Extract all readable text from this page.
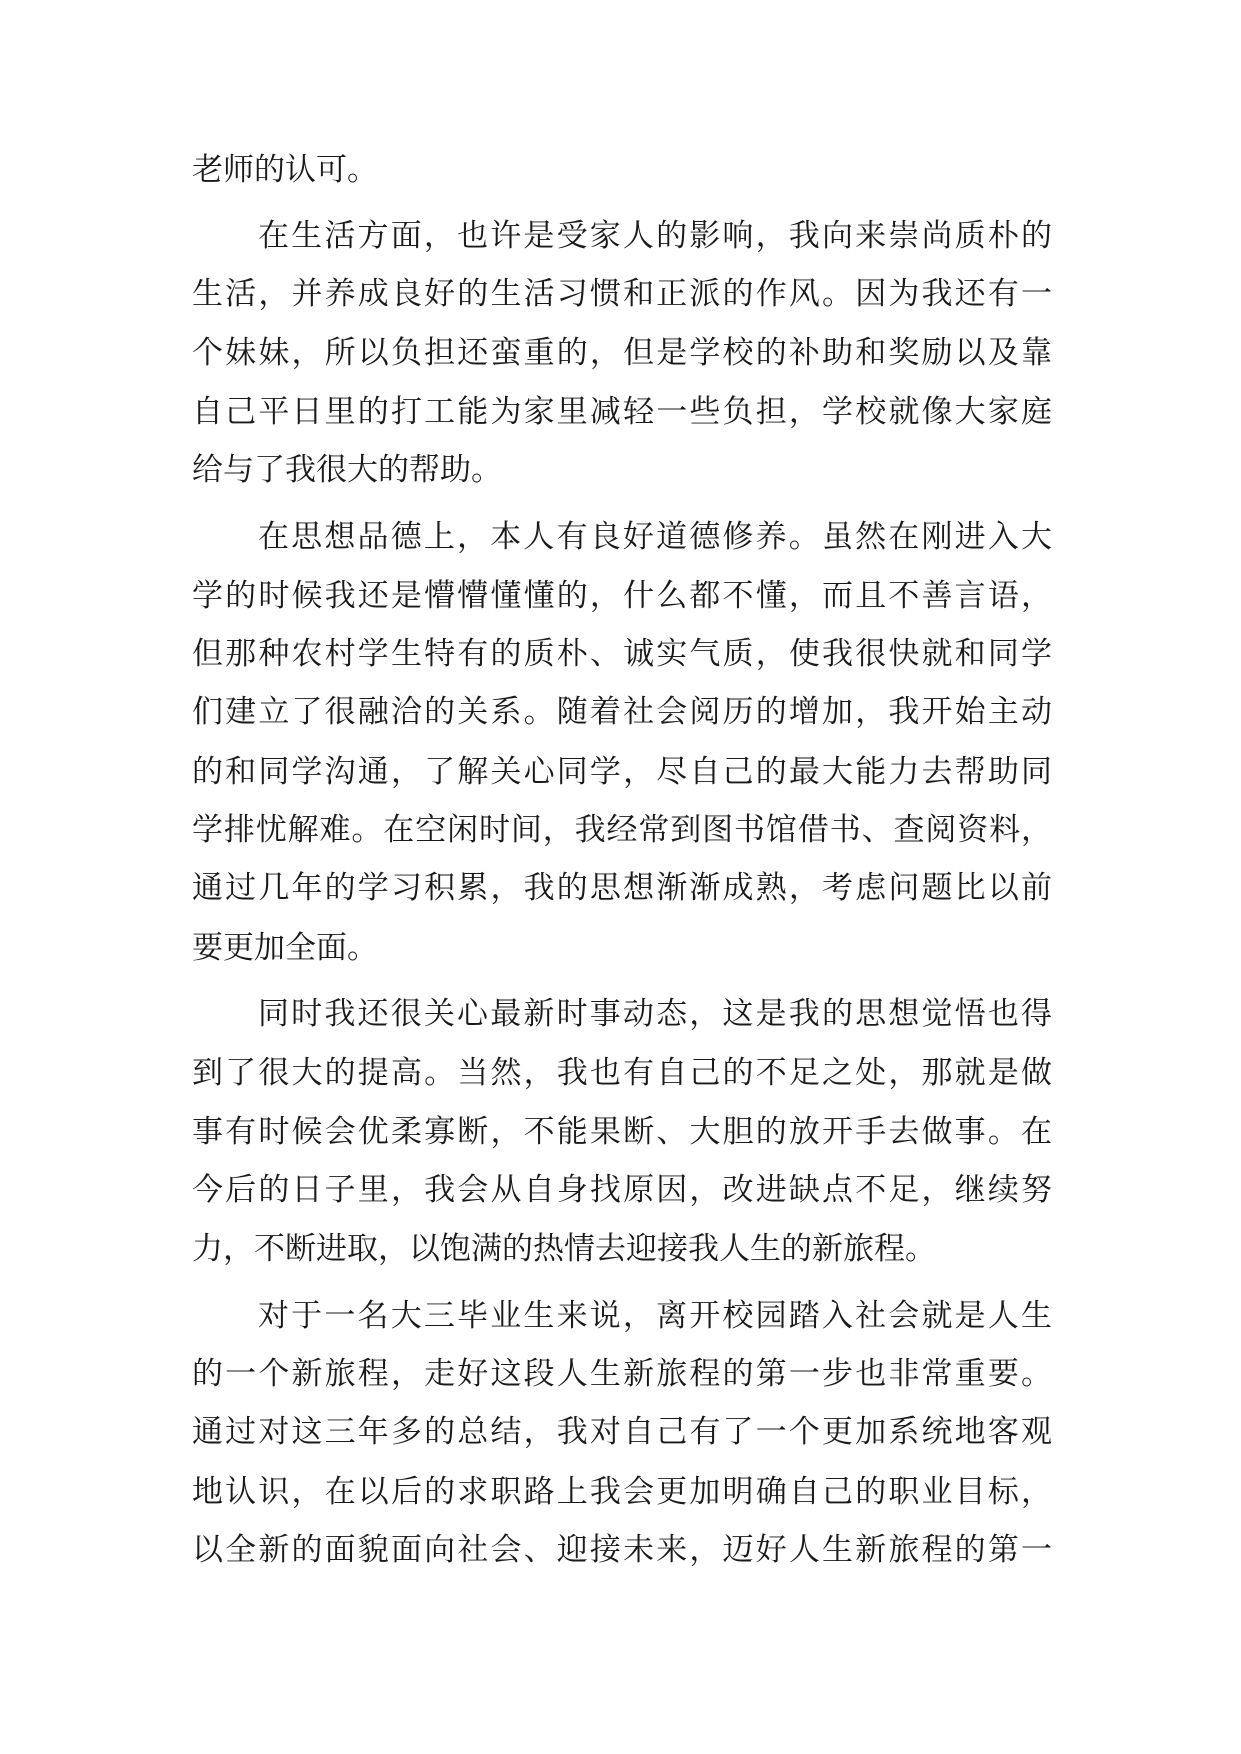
老师的认可。
在生活方面，也许是受家人的影响，我向来崇尚质朴的
生活，并养成良好的生活习惯和正派的作风。因为我还有一
个妹妹，所以负担还蛮重的，但是学校的补助和奖励以及靠
自己平日里的打工能为家里减轻一些负担，学校就像大家庭
给与了我很大的帮助。
在思想品德上，本人有良好道德修养。虽然在刚进入大
学的时候我还是懵懵懂懂的，什么都不懂，而且不善言语，
但那种农村学生特有的质朴、诚实气质，使我很快就和同学
们建立了很融洽的关系。随着社会阅历的增加，我开始主动
的和同学沟通，了解关心同学，尽自己的最大能力去帮助同
学排忧解难。在空闲时间，我经常到图书馆借书、查阅资料，
通过几年的学习积累，我的思想渐渐成熟，考虑问题比以前
要更加全面。
同时我还很关心最新时事动态，这是我的思想觉悟也得
到了很大的提高。当然，我也有自己的不足之处，那就是做
事有时候会优柔寡断，不能果断、大胆的放开手去做事。在
今后的日子里，我会从自身找原因，改进缺点不足，继续努
力，不断进取，以饱满的热情去迎接我人生的新旅程。
对于一名大三毕业生来说，离开校园踏入社会就是人生
的一个新旅程，走好这段人生新旅程的第一步也非常重要。
通过对这三年多的总结，我对自己有了一个更加系统地客观
地认识，在以后的求职路上我会更加明确自己的职业目标，
以全新的面貌面向社会、迎接未来，迈好人生新旅程的第一
